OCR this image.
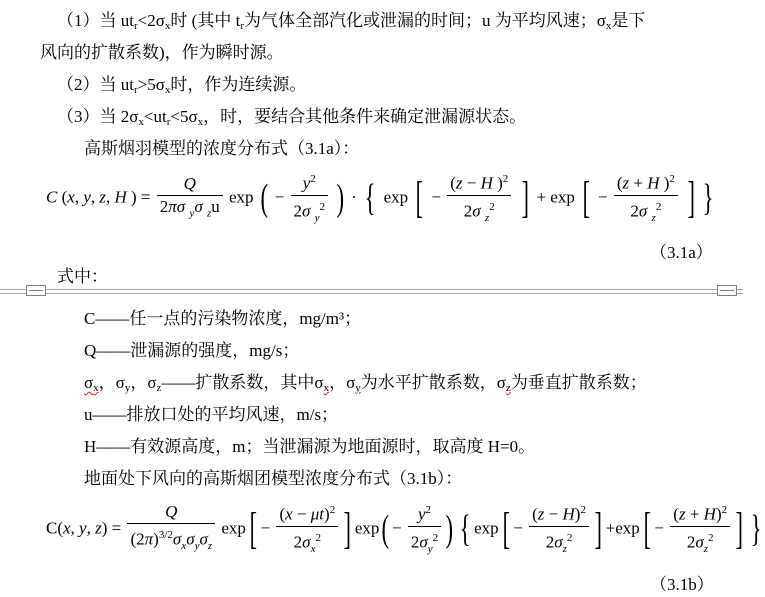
（1）当 $ut_r<2\sigma_x$时 (其中 $t_r$为气体全部汽化或泄漏的时间；u 为平均风速；$\sigma_x$是下
风向的扩散系数)，作为瞬时源。
（2）当 $ut_r>5\sigma_x$时，作为连续源。
（3）当 $2\sigma_x<ut_r<5\sigma_x$，时，要结合其他条件来确定泄漏源状态。
高斯烟羽模型的浓度分布式（3.1a）：
C (x, y, z, H ) = $\frac{Q}{2\pi\sigma _y\sigma _zu}$ exp ( − $\frac{y^2}{2\sigma _y^2}$ ) · { exp [ − $\frac{(z - H )^2}{2\sigma _z^2}$ ] + exp [ − $\frac{(z + H )^2}{2\sigma _z^2}$ ] }
（3.1a）
式中：
C——任一点的污染物浓度，mg/m³；
Q——泄漏源的强度，mg/s；
$\sigma_x$，$\sigma_y$，$\sigma_z——$扩散系数，其中$\sigma_x$，$\sigma_y$为水平扩散系数，$\sigma_z$为垂直扩散系数；
u——排放口处的平均风速，m/s；
H——有效源高度，m；当泄漏源为地面源时，取高度 H=0。
地面处下风向的高斯烟团模型浓度分布式（3.1b）：
C(x, y, $z) = \frac{Q}{(2\pi)^{3/2}\sigma_x\sigma_y\sigma_z} \exp[ - \frac{(x - \mu t)^2}{2\sigma_x^2}$ ] $\exp( - \frac{y^2}{2\sigma_y^2}$ ) { $\exp[ - \frac{(z - H)^2}{2\sigma_z^2}$ ] $+\exp[ - \frac{(z + H)^2}{2\sigma_z^2}$ ] }
（3.1b）
